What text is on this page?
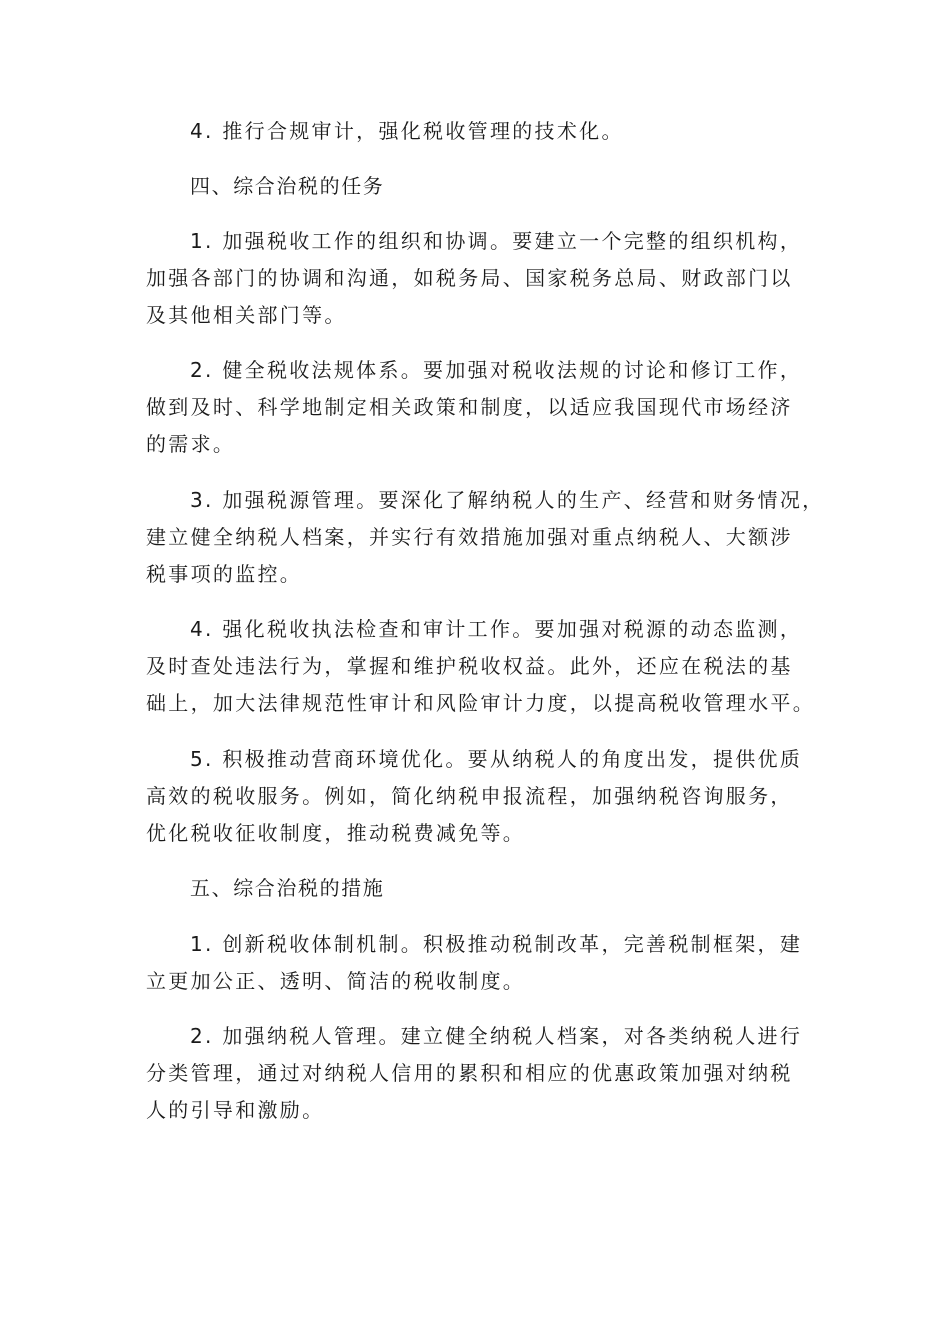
4. 推行合规审计，强化税收管理的技术化。
四、综合治税的任务
1. 加强税收工作的组织和协调。要建立一个完整的组织机构，
加强各部门的协调和沟通，如税务局、国家税务总局、财政部门以
及其他相关部门等。
2. 健全税收法规体系。要加强对税收法规的讨论和修订工作，
做到及时、科学地制定相关政策和制度，以适应我国现代市场经济
的需求。
3. 加强税源管理。要深化了解纳税人的生产、经营和财务情况，
建立健全纳税人档案，并实行有效措施加强对重点纳税人、大额涉
税事项的监控。
4. 强化税收执法检查和审计工作。要加强对税源的动态监测，
及时查处违法行为，掌握和维护税收权益。此外，还应在税法的基
础上，加大法律规范性审计和风险审计力度，以提高税收管理水平。
5. 积极推动营商环境优化。要从纳税人的角度出发，提供优质
高效的税收服务。例如，简化纳税申报流程，加强纳税咨询服务，
优化税收征收制度，推动税费减免等。
五、综合治税的措施
1. 创新税收体制机制。积极推动税制改革，完善税制框架，建
立更加公正、透明、简洁的税收制度。
2. 加强纳税人管理。建立健全纳税人档案，对各类纳税人进行
分类管理，通过对纳税人信用的累积和相应的优惠政策加强对纳税
人的引导和激励。
